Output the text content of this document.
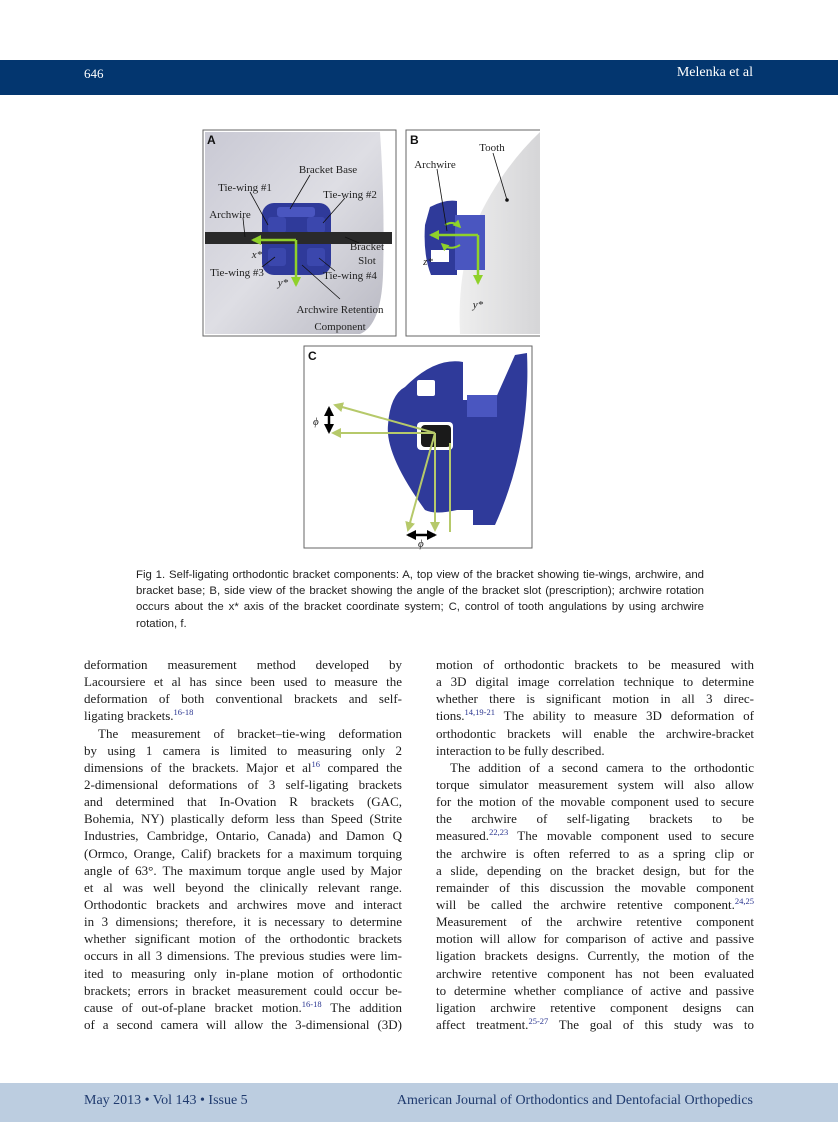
646	Melenka et al
A
Bracket Base
Tie-wing #1
Tie-wing #2
Archwire
Bracket
Slot
x*
Tie-wing #3
y*
Tie-wing #4
Archwire Retention
Component
B
Tooth
Archwire
z*
y*
C
ϕ
ϕ
Fig 1. Self-ligating orthodontic bracket components: A, top view of the bracket showing tie-wings, archwire, and bracket base; B, side view of the bracket showing the angle of the bracket slot (prescription); archwire rotation occurs about the x* axis of the bracket coordinate system; C, control of tooth angulations by using archwire rotation, f.
deformation measurement method developed by
Lacoursiere et al has since been used to measure the
deformation of both conventional brackets and self-
ligating brackets.$^{16-18}$
The measurement of bracket–tie-wing deformation
by using 1 camera is limited to measuring only 2
dimensions of the brackets. Major et $al^{16}$ compared the
2-dimensional deformations of 3 self-ligating brackets
and determined that In-Ovation R brackets (GAC,
Bohemia, NY) plastically deform less than Speed (Strite
Industries, Cambridge, Ontario, Canada) and Damon Q
(Ormco, Orange, Calif) brackets for a maximum torquing
angle of 63°. The maximum torque angle used by Major
et al was well beyond the clinically relevant range.
Orthodontic brackets and archwires move and interact
in 3 dimensions; therefore, it is necessary to determine
whether significant motion of the orthodontic brackets
occurs in all 3 dimensions. The previous studies were lim-
ited to measuring only in-plane motion of orthodontic
brackets; errors in bracket measurement could occur be-
cause of out-of-plane bracket motion.$^{16-18}$ The addition
of a second camera will allow the 3-dimensional (3D)
motion of orthodontic brackets to be measured with
a 3D digital image correlation technique to determine
whether there is significant motion in all 3 direc-
tions.$^{14,19-21}$ The ability to measure 3D deformation of
orthodontic brackets will enable the archwire-bracket
interaction to be fully described.
The addition of a second camera to the orthodontic
torque simulator measurement system will also allow
for the motion of the movable component used to secure
the archwire of self-ligating brackets to be
measured.$^{22,23}$ The movable component used to secure
the archwire is often referred to as a spring clip or
a slide, depending on the bracket design, but for the
remainder of this discussion the movable component
will be called the archwire retentive component.$^{24,25}$
Measurement of the archwire retentive component
motion will allow for comparison of active and passive
ligation brackets designs. Currently, the motion of the
archwire retentive component has not been evaluated
to determine whether compliance of active and passive
ligation archwire retentive component designs can
affect treatment.$^{25-27}$ The goal of this study was to
May 2013 • Vol 143 • Issue 5	American Journal of Orthodontics and Dentofacial Orthopedics
